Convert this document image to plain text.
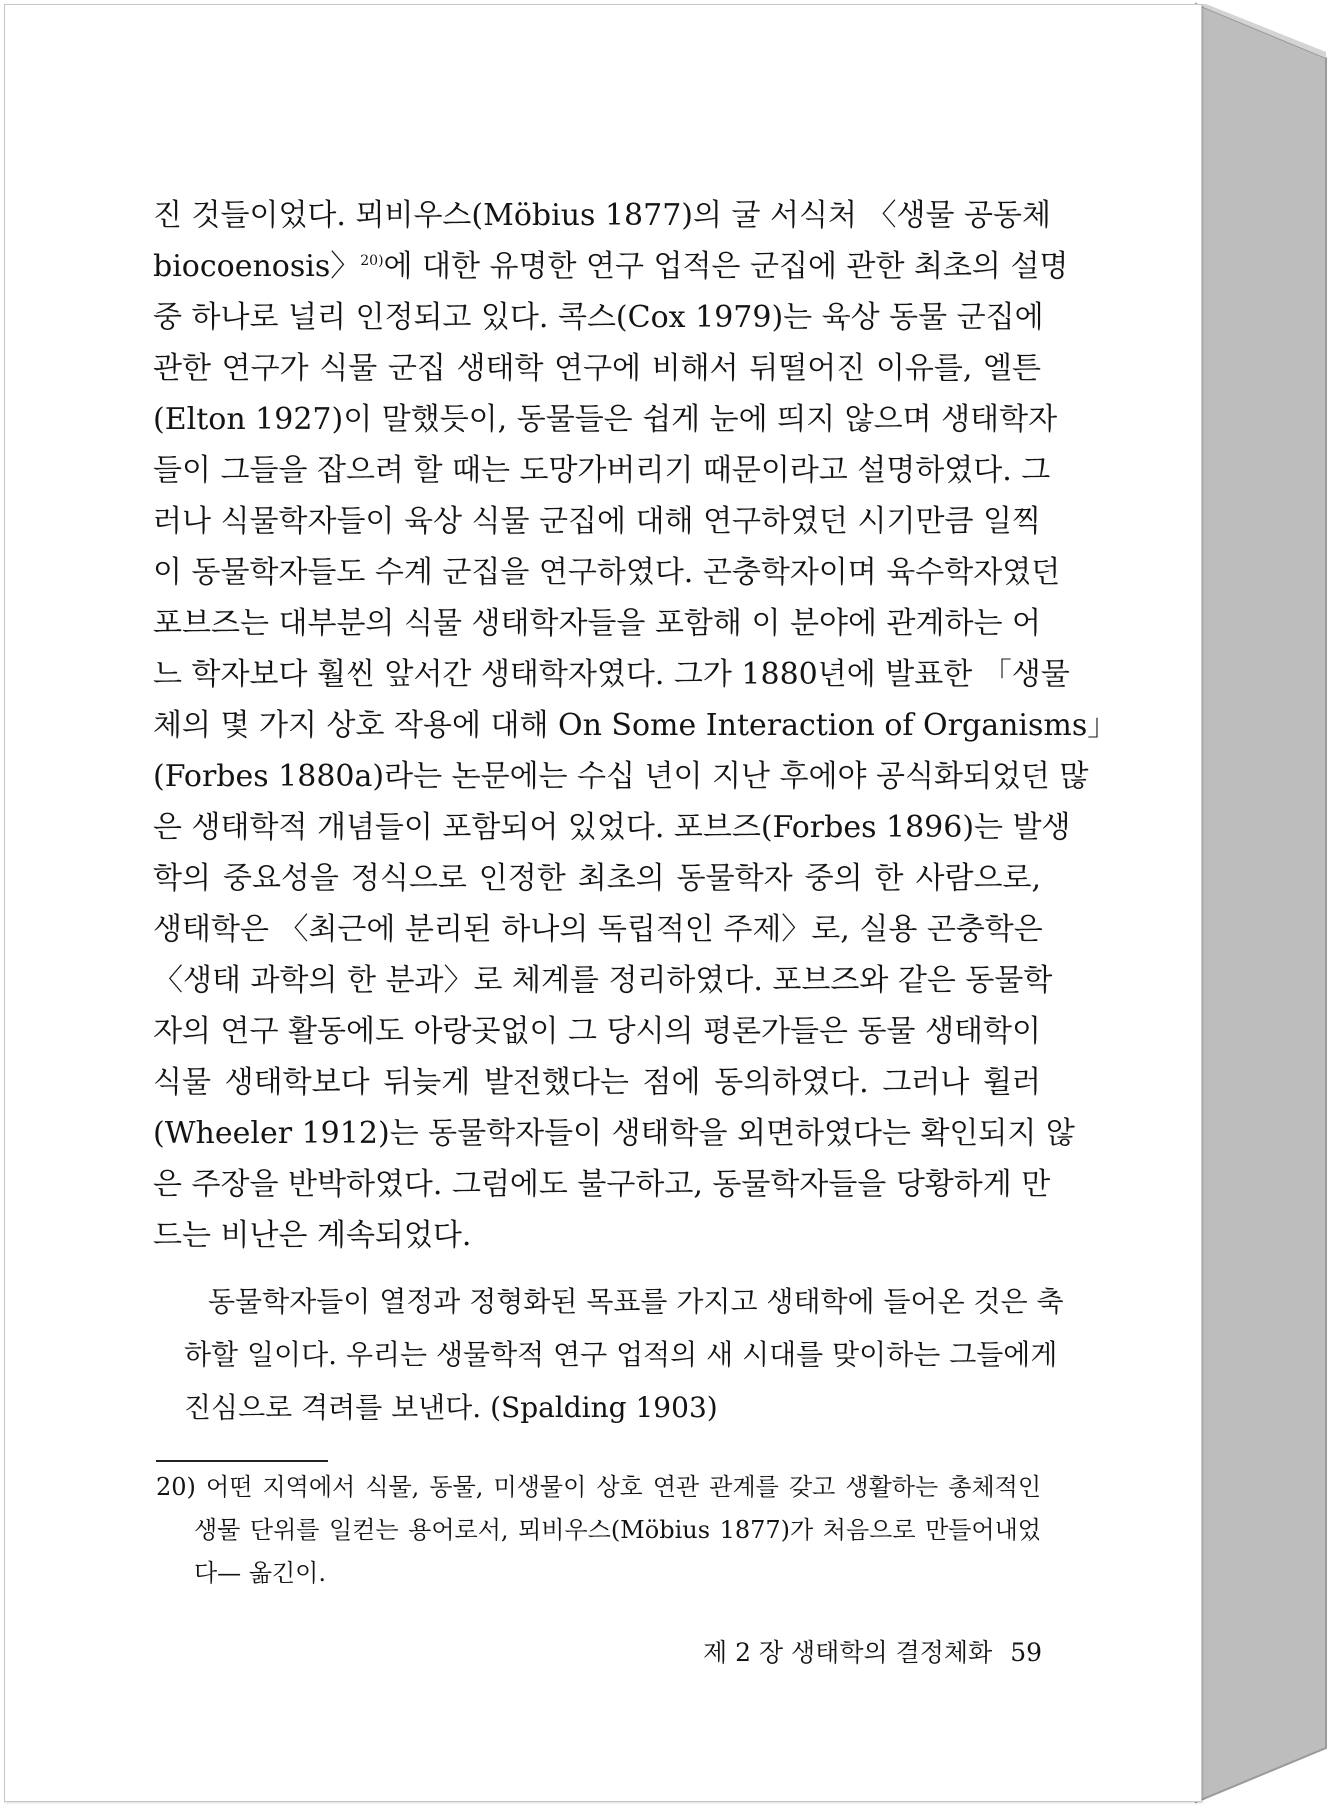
진 것들이었다. 뫼비우스(Möbius 1877)의 굴 서식처 〈생물 공동체
biocoenosis〉$^{20)}$에 대한 유명한 연구 업적은 군집에 관한 최초의 설명
중 하나로 널리 인정되고 있다. 콕스(Cox 1979)는 육상 동물 군집에
관한 연구가 식물 군집 생태학 연구에 비해서 뒤떨어진 이유를, 엘튼
(Elton 1927)이 말했듯이, 동물들은 쉽게 눈에 띄지 않으며 생태학자
들이 그들을 잡으려 할 때는 도망가버리기 때문이라고 설명하였다. 그
러나 식물학자들이 육상 식물 군집에 대해 연구하였던 시기만큼 일찍
이 동물학자들도 수계 군집을 연구하였다. 곤충학자이며 육수학자였던
포브즈는 대부분의 식물 생태학자들을 포함해 이 분야에 관계하는 어
느 학자보다 훨씬 앞서간 생태학자였다. 그가 1880년에 발표한 「생물
체의 몇 가지 상호 작용에 대해 On Some Interaction of Organisms」
(Forbes 1880a)라는 논문에는 수십 년이 지난 후에야 공식화되었던 많
은 생태학적 개념들이 포함되어 있었다. 포브즈(Forbes 1896)는 발생
학의 중요성을 정식으로 인정한 최초의 동물학자 중의 한 사람으로,
생태학은 〈최근에 분리된 하나의 독립적인 주제〉로, 실용 곤충학은
〈생태 과학의 한 분과〉로 체계를 정리하였다. 포브즈와 같은 동물학
자의 연구 활동에도 아랑곳없이 그 당시의 평론가들은 동물 생태학이
식물 생태학보다 뒤늦게 발전했다는 점에 동의하였다. 그러나 휠러
(Wheeler 1912)는 동물학자들이 생태학을 외면하였다는 확인되지 않
은 주장을 반박하였다. 그럼에도 불구하고, 동물학자들을 당황하게 만
드는 비난은 계속되었다.
동물학자들이 열정과 정형화된 목표를 가지고 생태학에 들어온 것은 축
하할 일이다. 우리는 생물학적 연구 업적의 새 시대를 맞이하는 그들에게
진심으로 격려를 보낸다. (Spalding 1903)
20) 어떤 지역에서 식물, 동물, 미생물이 상호 연관 관계를 갖고 생활하는 총체적인
생물 단위를 일컫는 용어로서, 뫼비우스(Möbius 1877)가 처음으로 만들어내었
다— 옮긴이.
제 2 장 생태학의 결정체화 59
